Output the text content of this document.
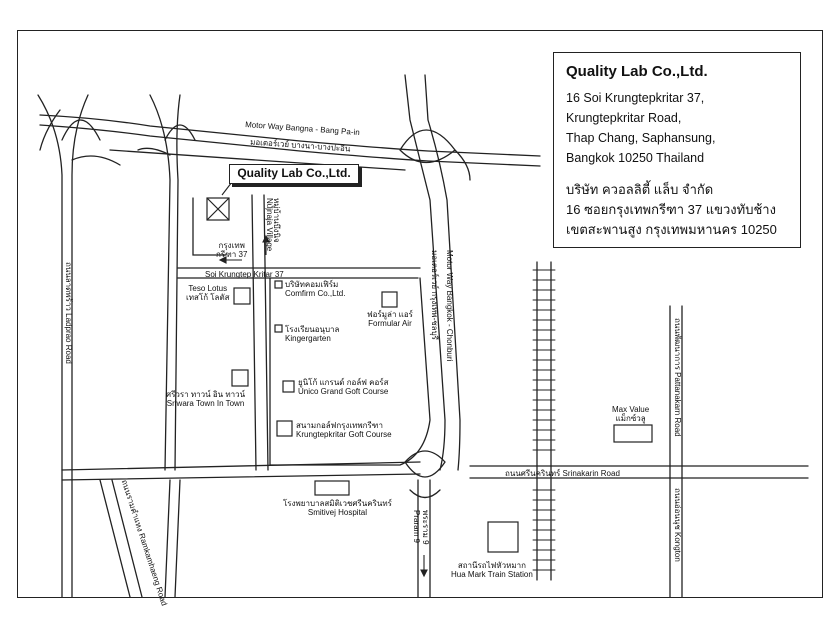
Quality Lab Co.,Ltd.
16 Soi Krungtepkritar 37,
Krungtepkritar Road,
Thap Chang, Saphansung,
Bangkok 10250 Thailand
บริษัท ควอลลิตี้ แล็บ จำกัด
16 ซอยกรุงเทพกรีฑา 37 แขวงทับช้าง
เขตสะพานสูง กรุงเทพมหานคร 10250
Quality Lab Co.,Ltd.
Motor Way Bangna - Bang Pa-in
มอเตอร์เวย์ บางนา-บางปะอิน
Soi Krungtep Kritar 37
ถนนศรีนครินทร์ Srinakarin Road
Motor Way Bangkok - Chonburi
มอเตอร์เวย์ กรุงเทพ-ชลบุรี
ถนนลาดพร้าว Ladprao Road
ถนนรามคำแหง Ramkamhaeng Road
ถนนพัฒนาการ Pattanakarn Road
ถนนอ่อนนุช Kongton
พระราม 9
Praram 9
หมู่บ้านบึงนิจ
Nujnaja Village
กรุงเทพ
กรีฑา 37
Teso Lotus
เทสโก้ โลตัส
บริษัทคอมเฟิร์ม
Comfirm Co.,Ltd.
ฟอร์มูล่า แอร์
Formular Air
โรงเรียนอนุบาล
Kingergarten
ศรีวรา ทาวน์ อิน ทาวน์
Sriwara Town In Town
ยูนิโก้ แกรนด์ กอล์ฟ คอร์ส
Unico Grand Goft Course
สนามกอล์ฟกรุงเทพกรีฑา
Krungtepkritar Goft Course
Max Value
แม็กซ์วลู
โรงพยาบาลสมิติเวชศรีนครินทร์
Smitivej Hospital
สถานีรถไฟหัวหมาก
Hua Mark Train Station
